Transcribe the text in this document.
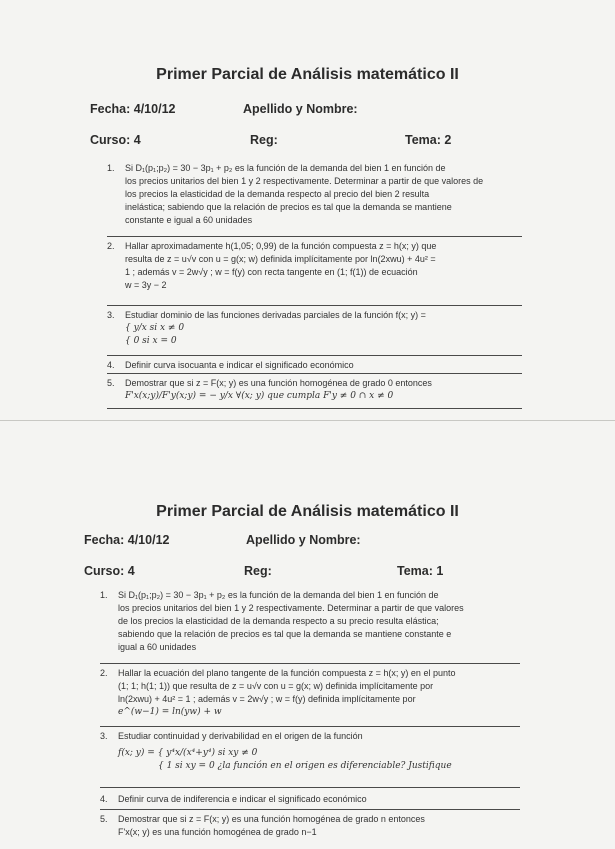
Primer Parcial de Análisis matemático II
Fecha: 4/10/12	Apellido y Nombre:
Curso: 4	Reg:	Tema: 2
1. Si D₁(p₁;p₂) = 30 − 3p₁ + p₂ es la función de la demanda del bien 1 en función de
los precios unitarios del bien 1 y 2 respectivamente. Determinar a partir de que valores de
los precios la elasticidad de la demanda respecto al precio del bien 2 resulta
inelástica; sabiendo que la relación de precios es tal que la demanda se mantiene
constante e igual a 60 unidades
2. Hallar aproximadamente h(1,05; 0,99) de la función compuesta z = h(x; y) que
resulta de z = u√v con u = g(x; w) definida implícitamente por ln(2xwu) + 4u² =
1 ; además v = 2w√y ; w = f(y) con recta tangente en (1; f(1)) de ecuación
w = 3y − 2
3. Estudiar dominio de las funciones derivadas parciales de la función f(x; y) =
{ y/x si x ≠ 0
{ 0 si x = 0
4. Definir curva isocuanta e indicar el significado económico
5. Demostrar que si z = F(x; y) es una función homogénea de grado 0 entonces
F'x(x;y)/F'y(x;y) = − y/x ∀(x; y) que cumpla F'y ≠ 0 ∩ x ≠ 0
Primer Parcial de Análisis matemático II
Fecha: 4/10/12	Apellido y Nombre:
Curso: 4	Reg:	Tema: 1
1. Si D₁(p₁;p₂) = 30 − 3p₁ + p₂ es la función de la demanda del bien 1 en función de
los precios unitarios del bien 1 y 2 respectivamente. Determinar a partir de que valores
de los precios la elasticidad de la demanda respecto a su precio resulta elástica;
sabiendo que la relación de precios es tal que la demanda se mantiene constante e
igual a 60 unidades
2. Hallar la ecuación del plano tangente de la función compuesta z = h(x; y) en el punto
(1; 1; h(1; 1)) que resulta de z = u√v con u = g(x; w) definida implícitamente por
ln(2xwu) + 4u² = 1 ; además v = 2w√y ; w = f(y) definida implícitamente por
e^(w−1) = ln(yw) + w
3. Estudiar continuidad y derivabilidad en el origen de la función
f(x; y) = { y⁴x/(x⁴+y⁴) si xy ≠ 0
{ 1 si xy = 0 ¿la función en el origen es diferenciable? Justifique
4. Definir curva de indiferencia e indicar el significado económico
5. Demostrar que si z = F(x; y) es una función homogénea de grado n entonces
F'x(x; y) es una función homogénea de grado n−1
